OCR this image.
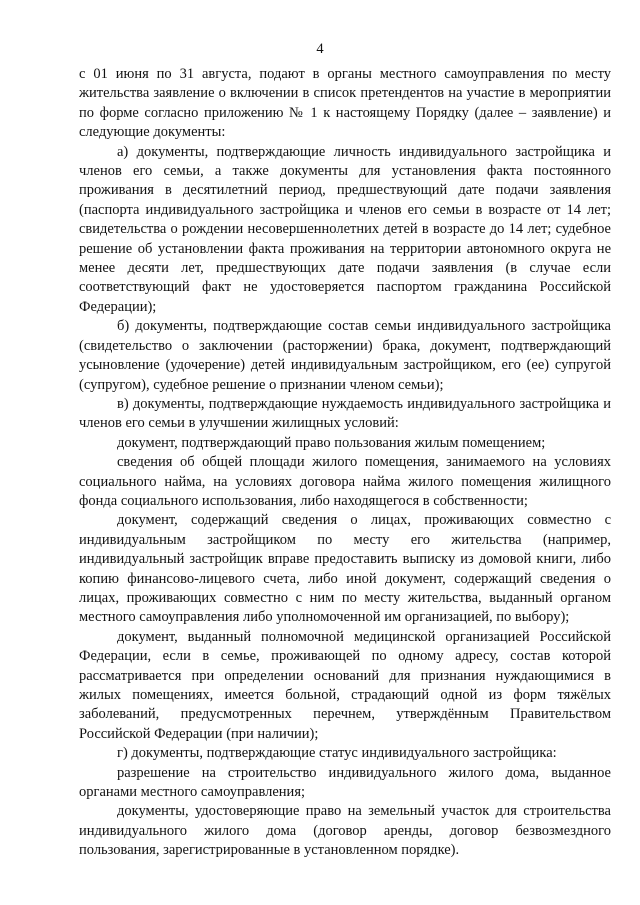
4

с 01 июня по 31 августа, подают в органы местного самоуправления по месту жительства заявление о включении в список претендентов на участие в мероприятии по форме согласно приложению № 1 к настоящему Порядку (далее – заявление) и следующие документы:

а) документы, подтверждающие личность индивидуального застройщика и членов его семьи, а также документы для установления факта постоянного проживания в десятилетний период, предшествующий дате подачи заявления (паспорта индивидуального застройщика и членов его семьи в возрасте от 14 лет; свидетельства о рождении несовершеннолетних детей в возрасте до 14 лет; судебное решение об установлении факта проживания на территории автономного округа не менее десяти лет, предшествующих дате подачи заявления (в случае если соответствующий факт не удостоверяется паспортом гражданина Российской Федерации);

б) документы, подтверждающие состав семьи индивидуального застройщика (свидетельство о заключении (расторжении) брака, документ, подтверждающий усыновление (удочерение) детей индивидуальным застройщиком, его (ее) супругой (супругом), судебное решение о признании членом семьи);

в) документы, подтверждающие нуждаемость индивидуального застройщика и членов его семьи в улучшении жилищных условий:

документ, подтверждающий право пользования жилым помещением;

сведения об общей площади жилого помещения, занимаемого на условиях социального найма, на условиях договора найма жилого помещения жилищного фонда социального использования, либо находящегося в собственности;

документ, содержащий сведения о лицах, проживающих совместно с индивидуальным застройщиком по месту его жительства (например, индивидуальный застройщик вправе предоставить выписку из домовой книги, либо копию финансово-лицевого счета, либо иной документ, содержащий сведения о лицах, проживающих совместно с ним по месту жительства, выданный органом местного самоуправления либо уполномоченной им организацией, по выбору);

документ, выданный полномочной медицинской организацией Российской Федерации, если в семье, проживающей по одному адресу, состав которой рассматривается при определении оснований для признания нуждающимися в жилых помещениях, имеется больной, страдающий одной из форм тяжёлых заболеваний, предусмотренных перечнем, утверждённым Правительством Российской Федерации (при наличии);

г) документы, подтверждающие статус индивидуального застройщика:

разрешение на строительство индивидуального жилого дома, выданное органами местного самоуправления;

документы, удостоверяющие право на земельный участок для строительства индивидуального жилого дома (договор аренды, договор безвозмездного пользования, зарегистрированные в установленном порядке).
